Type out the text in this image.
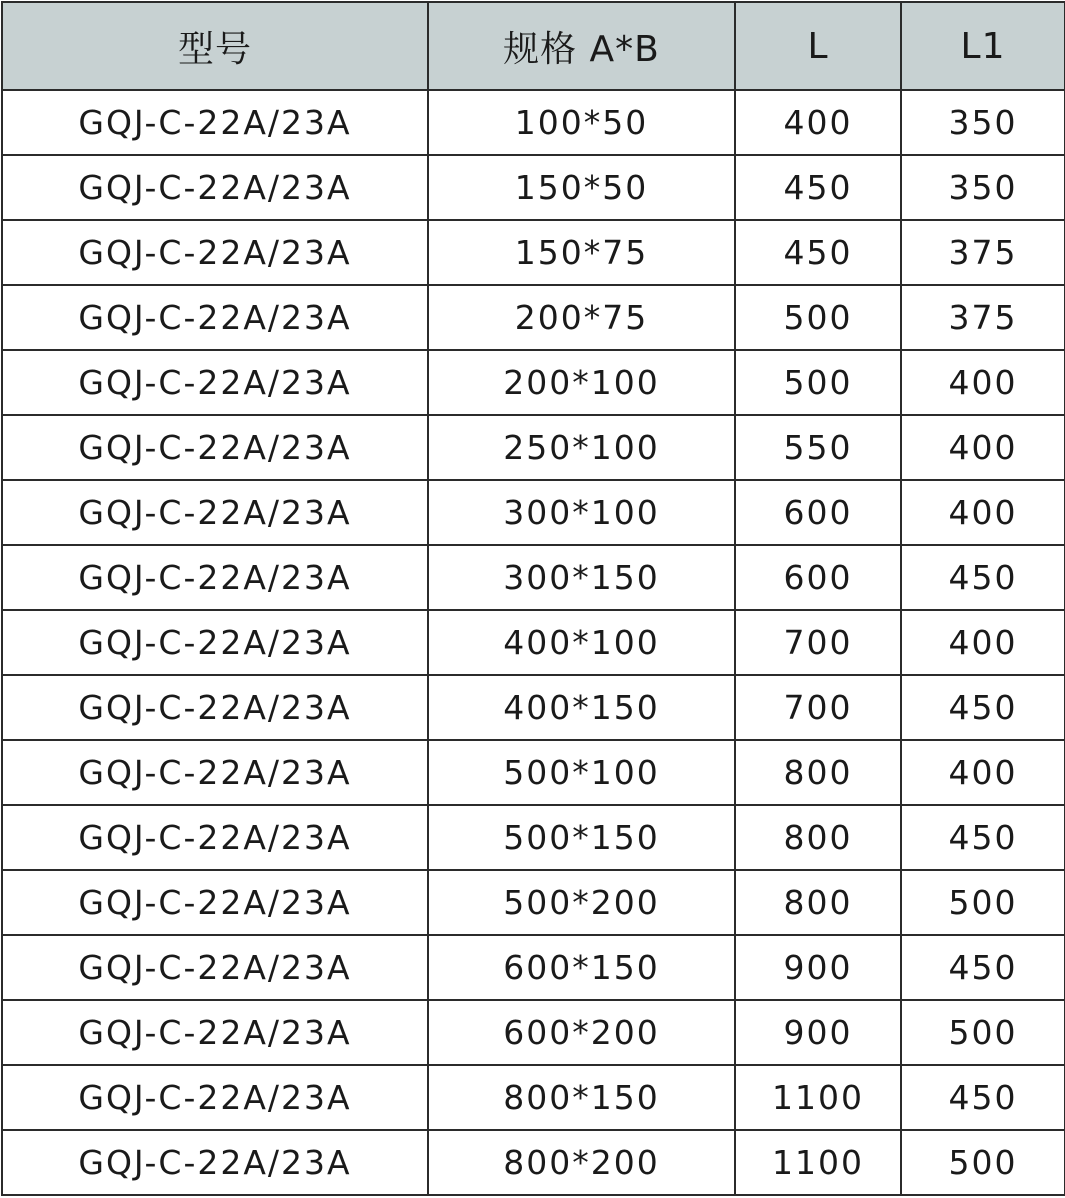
型号	规格 A*B	L	L1
GQJ-C-22A/23A	100*50	400	350
GQJ-C-22A/23A	150*50	450	350
GQJ-C-22A/23A	150*75	450	375
GQJ-C-22A/23A	200*75	500	375
GQJ-C-22A/23A	200*100	500	400
GQJ-C-22A/23A	250*100	550	400
GQJ-C-22A/23A	300*100	600	400
GQJ-C-22A/23A	300*150	600	450
GQJ-C-22A/23A	400*100	700	400
GQJ-C-22A/23A	400*150	700	450
GQJ-C-22A/23A	500*100	800	400
GQJ-C-22A/23A	500*150	800	450
GQJ-C-22A/23A	500*200	800	500
GQJ-C-22A/23A	600*150	900	450
GQJ-C-22A/23A	600*200	900	500
GQJ-C-22A/23A	800*150	1100	450
GQJ-C-22A/23A	800*200	1100	500
